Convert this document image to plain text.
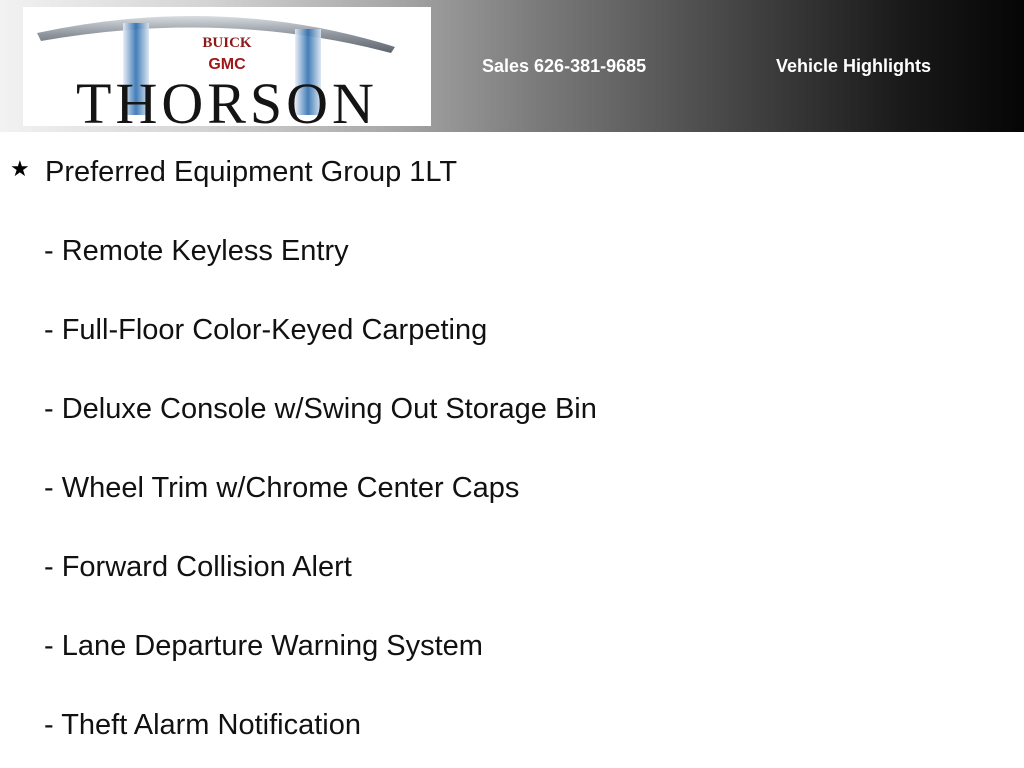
BUICK
GMC
THORSON
Sales 626-381-9685	Vehicle Highlights
★ Preferred Equipment Group 1LT
- Remote Keyless Entry
- Full-Floor Color-Keyed Carpeting
- Deluxe Console w/Swing Out Storage Bin
- Wheel Trim w/Chrome Center Caps
- Forward Collision Alert
- Lane Departure Warning System
- Theft Alarm Notification
